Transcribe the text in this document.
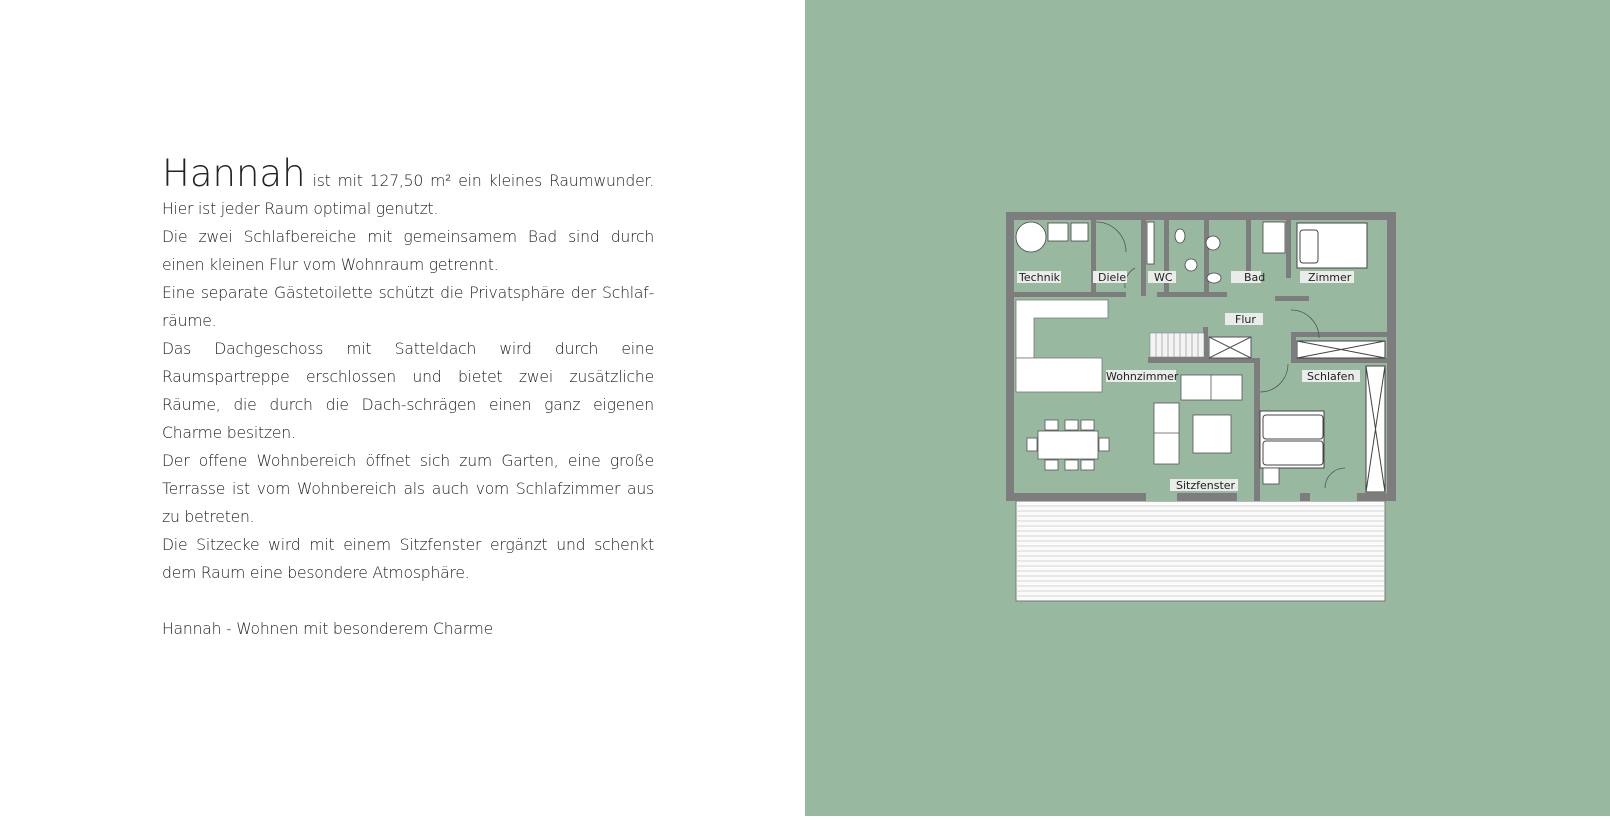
Hannah ist mit 127,50 m² ein kleines Raumwunder. Hier ist jeder Raum optimal genutzt.

Die zwei Schlafbereiche mit gemeinsamem Bad sind durch einen kleinen Flur vom Wohnraum getrennt.

Eine separate Gästetoilette schützt die Privatsphäre der Schlaf-räume.

Das Dachgeschoss mit Satteldach wird durch eine Raumspartreppe erschlossen und bietet zwei zusätzliche Räume, die durch die Dach-schrägen einen ganz eigenen Charme besitzen.

Der offene Wohnbereich öffnet sich zum Garten, eine große Terrasse ist vom Wohnbereich als auch vom Schlafzimmer aus zu betreten.

Die Sitzecke wird mit einem Sitzfenster ergänzt und schenkt dem Raum eine besondere Atmosphäre.

Hannah - Wohnen mit besonderem Charme

Technik	Diele	WC	Bad	Zimmer
Flur
Wohnzimmer	Schlafen
Sitzfenster
